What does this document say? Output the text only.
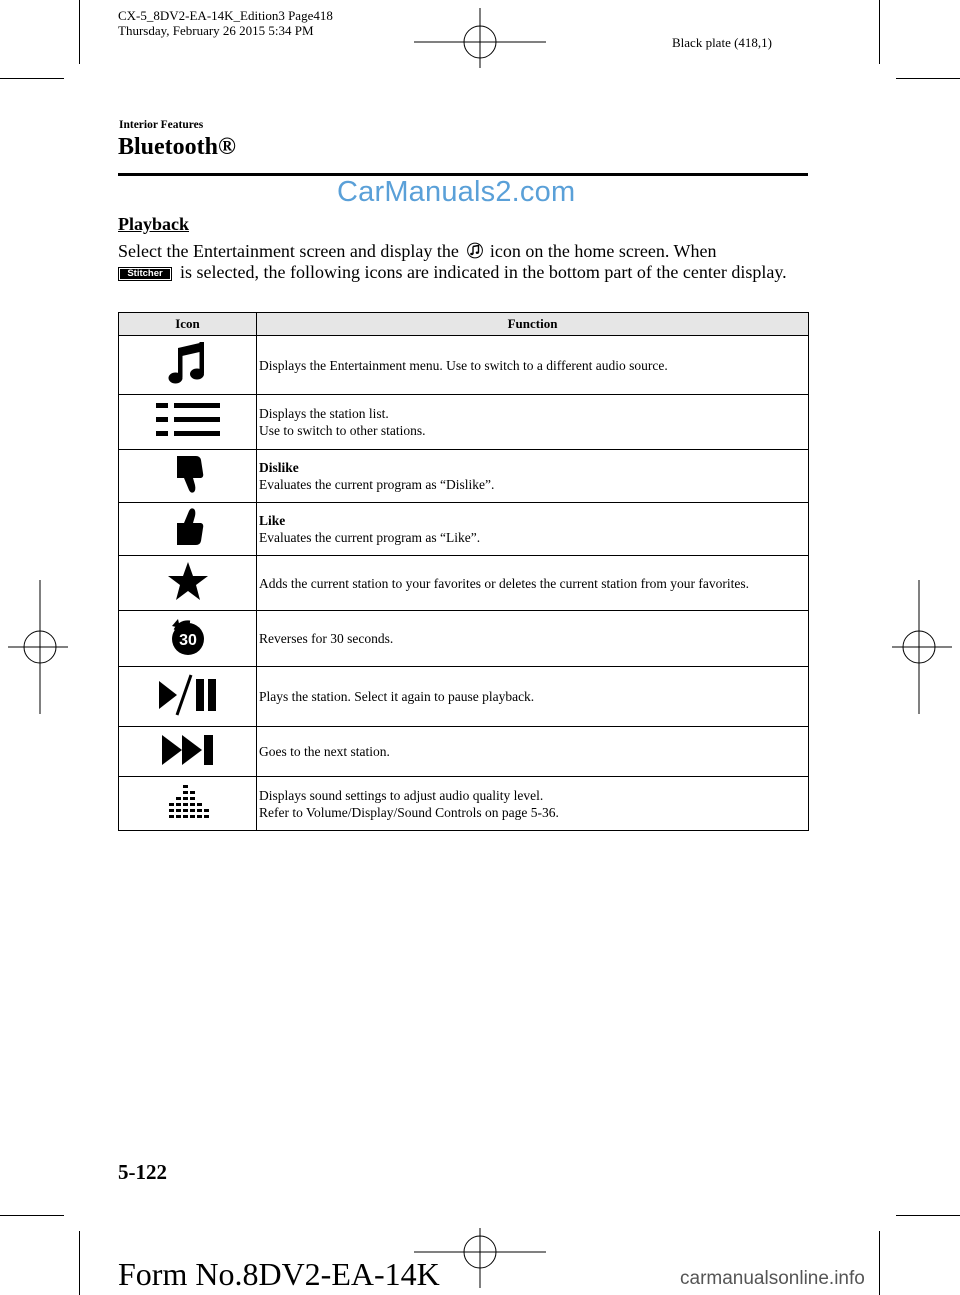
CX-5_8DV2-EA-14K_Edition3 Page418
Thursday, February 26 2015 5:34 PM
Black plate (418,1)
Interior Features
Bluetooth®
CarManuals2.com
Playback
Select the Entertainment screen and display the icon on the home screen. When

Stitcher is selected, the following icons are indicated in the bottom part of the center display.
Icon	Function

Displays the Entertainment menu. Use to switch to a different audio source.

Displays the station list.
Use to switch to other stations.

Dislike
Evaluates the current program as “Dislike”.

Like
Evaluates the current program as “Like”.

Adds the current station to your favorites or deletes the current station from your favorites.

30	Reverses for 30 seconds.

Plays the station. Select it again to pause playback.

Goes to the next station.

Displays sound settings to adjust audio quality level.
Refer to Volume/Display/Sound Controls on page 5-36.
5-122
Form No.8DV2-EA-14K	carmanualsonline.info
